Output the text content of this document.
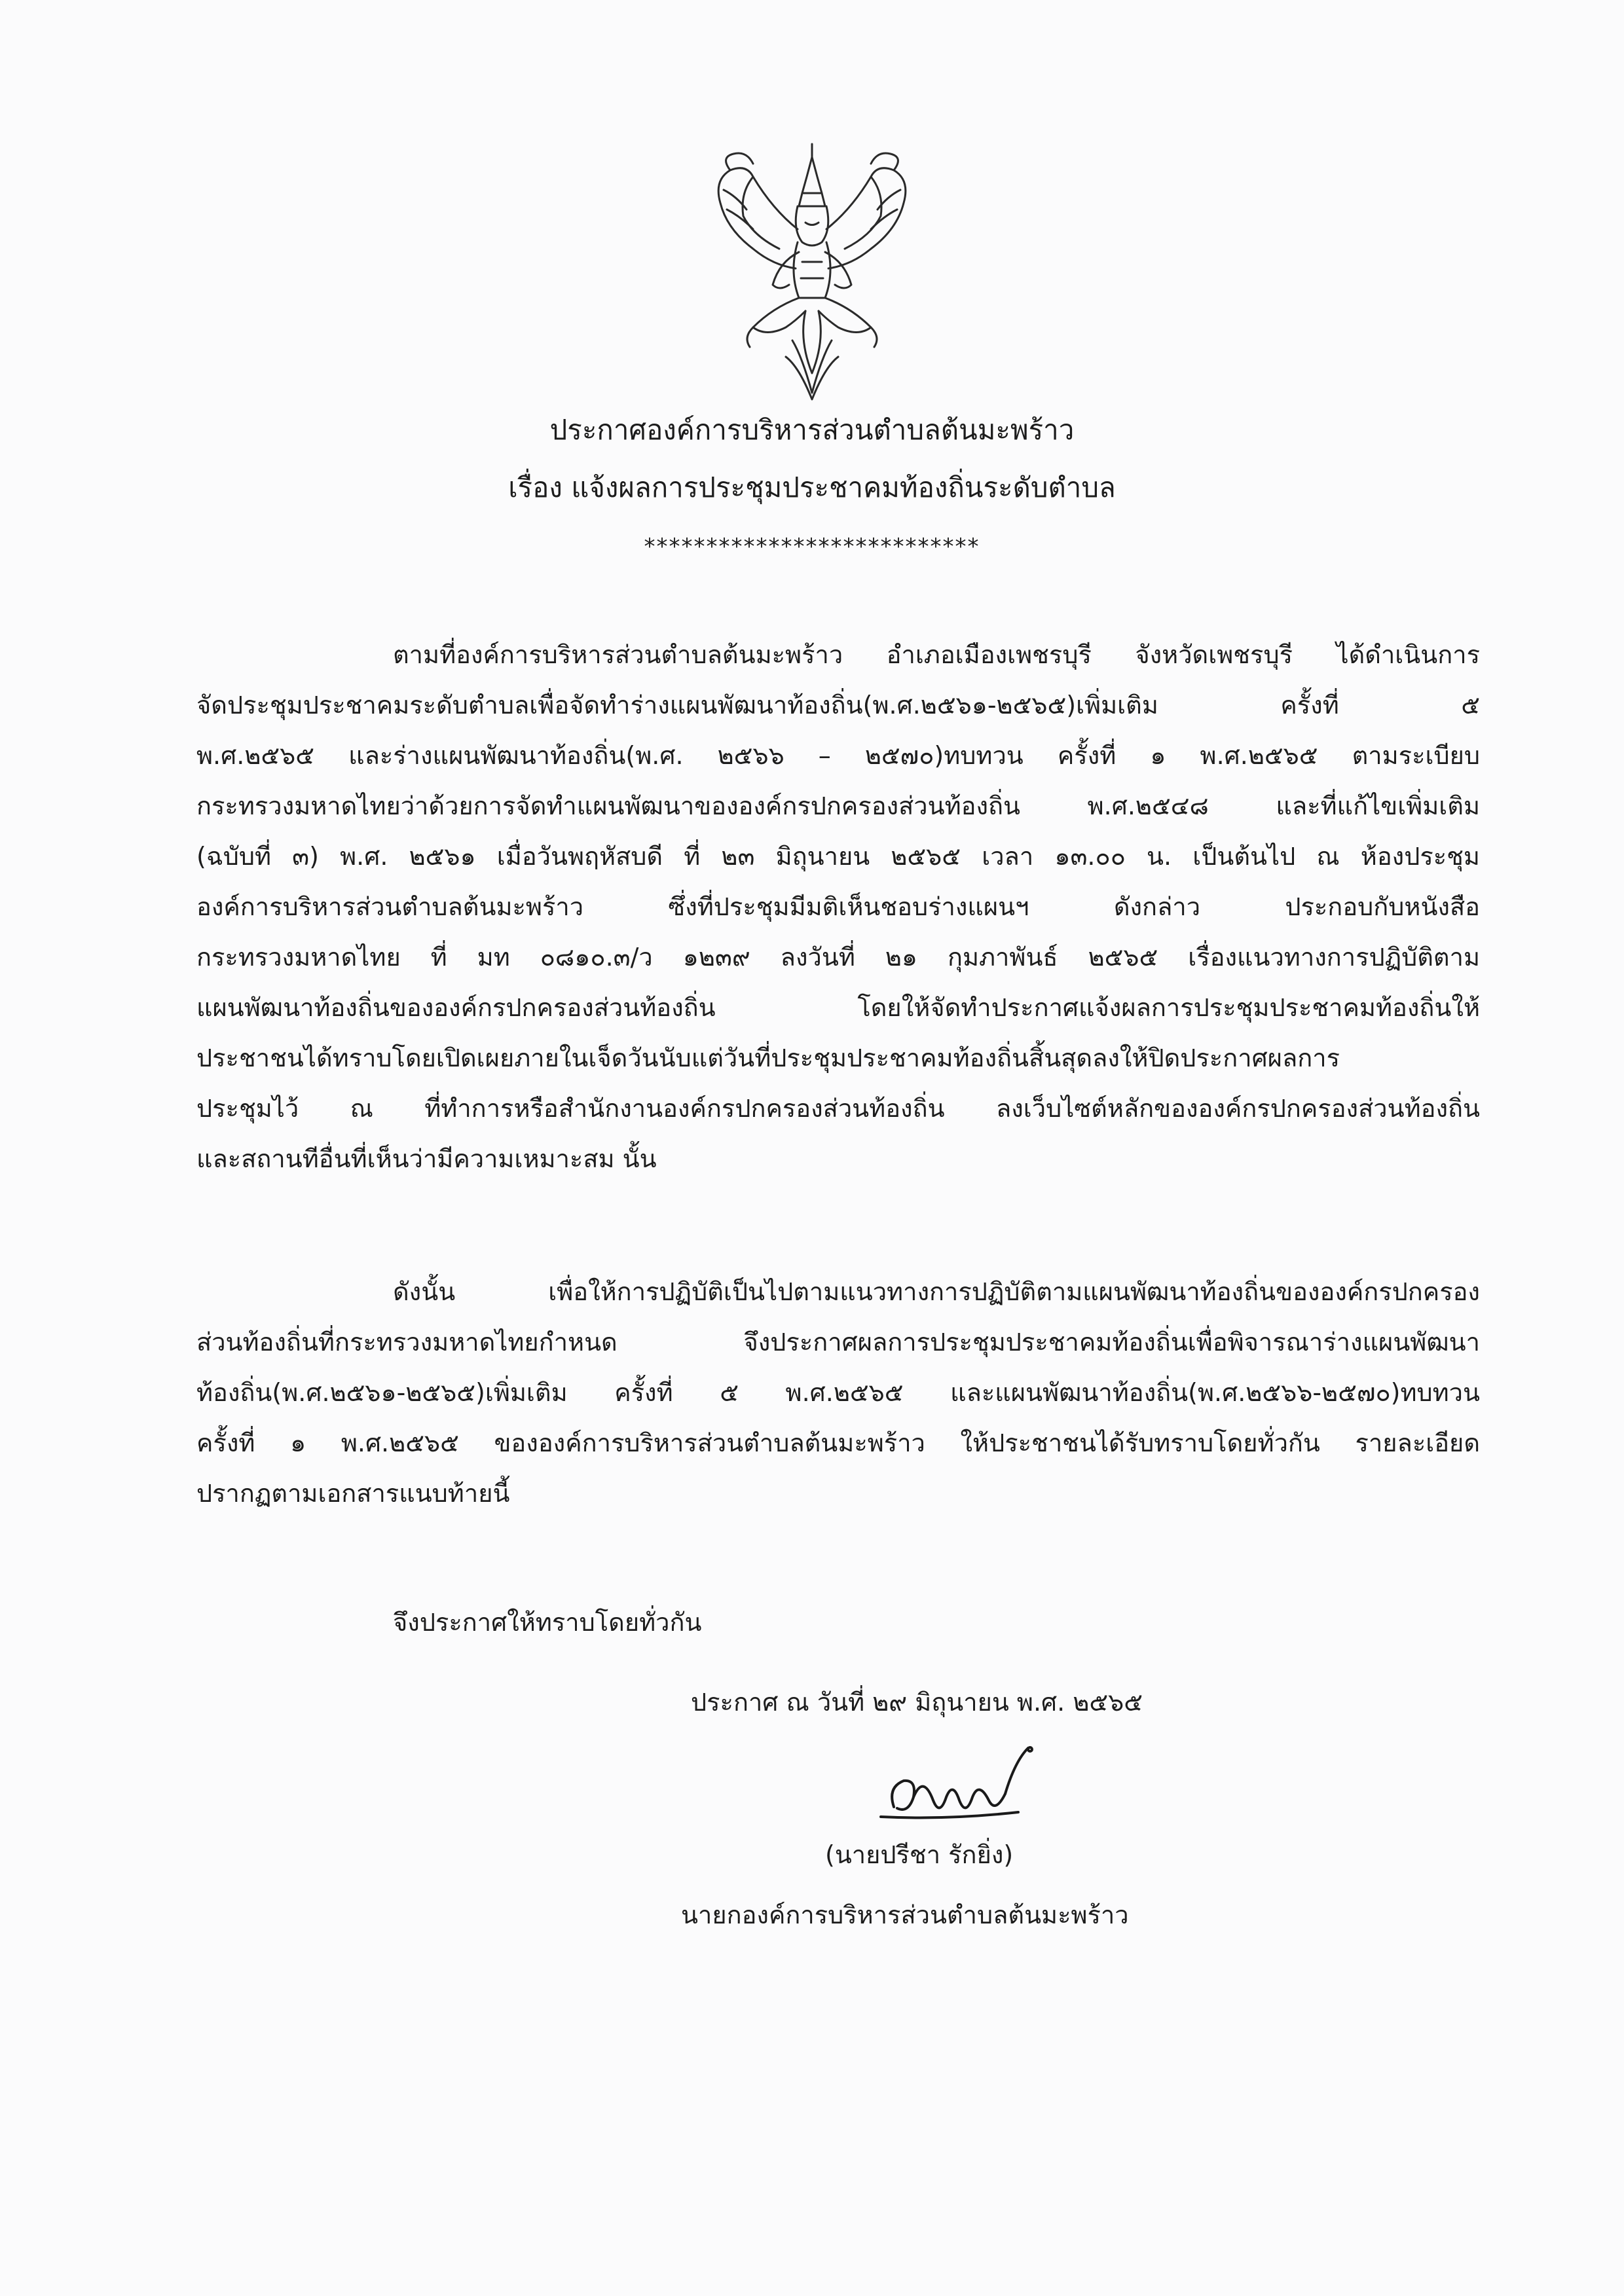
ประกาศองค์การบริหารส่วนตำบลต้นมะพร้าว
เรื่อง แจ้งผลการประชุมประชาคมท้องถิ่นระดับตำบล
***************************
ตามที่องค์การบริหารส่วนตำบลต้นมะพร้าว อำเภอเมืองเพชรบุรี จังหวัดเพชรบุรี ได้ดำเนินการ
จัดประชุมประชาคมระดับตำบลเพื่อจัดทำร่างแผนพัฒนาท้องถิ่น(พ.ศ.๒๕๖๑-๒๕๖๕)เพิ่มเติม ครั้งที่ ๕
พ.ศ.๒๕๖๕ และร่างแผนพัฒนาท้องถิ่น(พ.ศ. ๒๕๖๖ – ๒๕๗๐)ทบทวน ครั้งที่ ๑ พ.ศ.๒๕๖๕ ตามระเบียบ
กระทรวงมหาดไทยว่าด้วยการจัดทำแผนพัฒนาขององค์กรปกครองส่วนท้องถิ่น พ.ศ.๒๕๔๘ และที่แก้ไขเพิ่มเติม
(ฉบับที่ ๓) พ.ศ. ๒๕๖๑ เมื่อวันพฤหัสบดี ที่ ๒๓ มิถุนายน ๒๕๖๕ เวลา ๑๓.๐๐ น. เป็นต้นไป ณ ห้องประชุม
องค์การบริหารส่วนตำบลต้นมะพร้าว ซึ่งที่ประชุมมีมติเห็นชอบร่างแผนฯ ดังกล่าว ประกอบกับหนังสือ
กระทรวงมหาดไทย ที่ มท ๐๘๑๐.๓/ว ๑๒๓๙ ลงวันที่ ๒๑ กุมภาพันธ์ ๒๕๖๕ เรื่องแนวทางการปฏิบัติตาม
แผนพัฒนาท้องถิ่นขององค์กรปกครองส่วนท้องถิ่น โดยให้จัดทำประกาศแจ้งผลการประชุมประชาคมท้องถิ่นให้
ประชาชนได้ทราบโดยเปิดเผยภายในเจ็ดวันนับแต่วันที่ประชุมประชาคมท้องถิ่นสิ้นสุดลงให้ปิดประกาศผลการ
ประชุมไว้ ณ ที่ทำการหรือสำนักงานองค์กรปกครองส่วนท้องถิ่น ลงเว็บไซต์หลักขององค์กรปกครองส่วนท้องถิ่น
และสถานทีอื่นที่เห็นว่ามีความเหมาะสม นั้น
ดังนั้น เพื่อให้การปฏิบัติเป็นไปตามแนวทางการปฏิบัติตามแผนพัฒนาท้องถิ่นขององค์กรปกครอง
ส่วนท้องถิ่นที่กระทรวงมหาดไทยกำหนด จึงประกาศผลการประชุมประชาคมท้องถิ่นเพื่อพิจารณาร่างแผนพัฒนา
ท้องถิ่น(พ.ศ.๒๕๖๑-๒๕๖๕)เพิ่มเติม ครั้งที่ ๕ พ.ศ.๒๕๖๕ และแผนพัฒนาท้องถิ่น(พ.ศ.๒๕๖๖-๒๕๗๐)ทบทวน
ครั้งที่ ๑ พ.ศ.๒๕๖๕ ขององค์การบริหารส่วนตำบลต้นมะพร้าว ให้ประชาชนได้รับทราบโดยทั่วกัน รายละเอียด
ปรากฏตามเอกสารแนบท้ายนี้
จึงประกาศให้ทราบโดยทั่วกัน
ประกาศ ณ วันที่ ๒๙ มิถุนายน พ.ศ. ๒๕๖๕
(นายปรีชา รักยิ่ง)
นายกองค์การบริหารส่วนตำบลต้นมะพร้าว
